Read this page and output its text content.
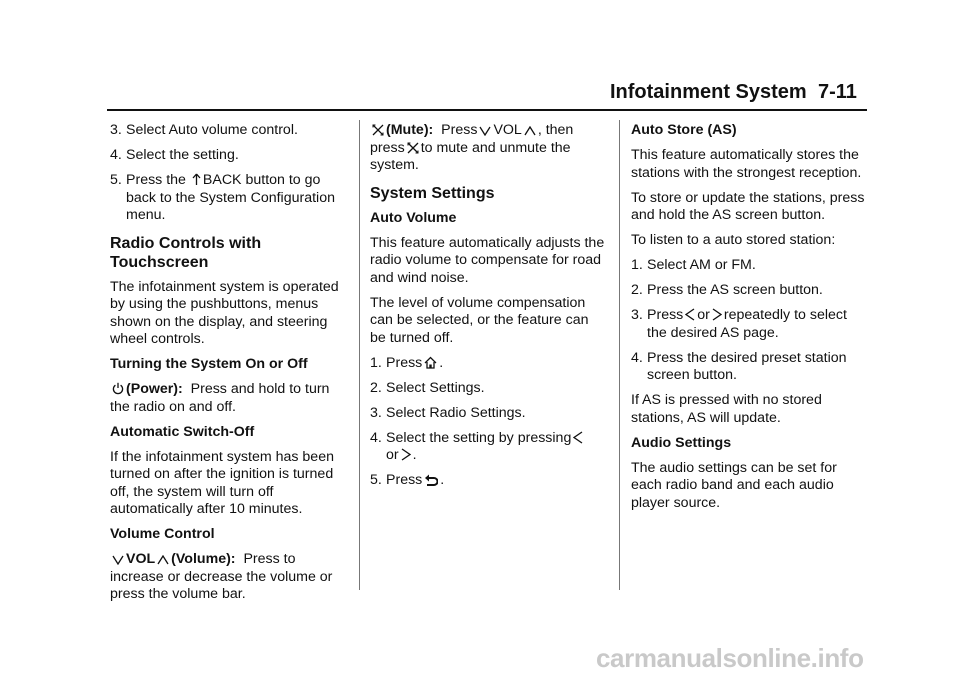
Infotainment System 7-11
3. Select Auto volume control.
4. Select the setting.
5. Press the BACK button to go back to the System Configuration menu.
Radio Controls with Touchscreen

The infotainment system is operated by using the pushbuttons, menus shown on the display, and steering wheel controls.

Turning the System On or Off

(Power): Press and hold to turn the radio on and off.

Automatic Switch-Off

If the infotainment system has been turned on after the ignition is turned off, the system will turn off automatically after 10 minutes.

Volume Control

VOL (Volume): Press to increase or decrease the volume or press the volume bar.

(Mute): Press VOL , then press to mute and unmute the system.

System Settings
Auto Volume

This feature automatically adjusts the radio volume to compensate for road and wind noise.

The level of volume compensation can be selected, or the feature can be turned off.

1. Press .
2. Select Settings.
3. Select Radio Settings.
4. Select the setting by pressing

or .
5. Press .
Auto Store (AS)

This feature automatically stores the stations with the strongest reception.

To store or update the stations, press and hold the AS screen button.

To listen to a auto stored station:

1. Select AM or FM.
2. Press the AS screen button.
3. Press or repeatedly to select the desired AS page.
4. Press the desired preset station screen button.

If AS is pressed with no stored stations, AS will update.

Audio Settings

The audio settings can be set for each radio band and each audio player source.

carmanualsonline.info
